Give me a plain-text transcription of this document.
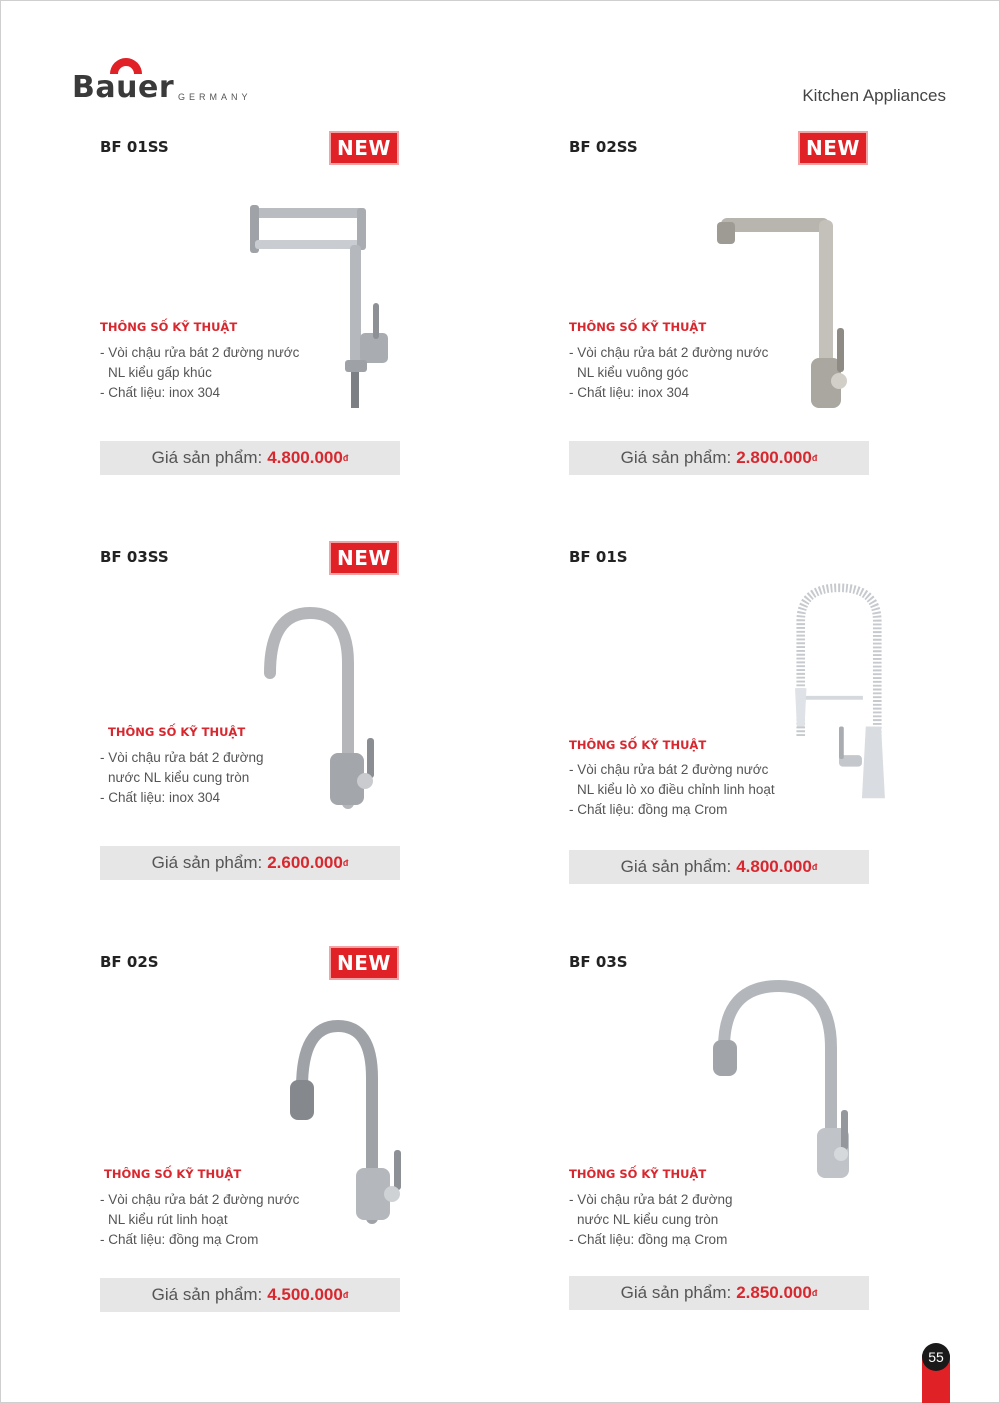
Bauer GERMANY	Kitchen Appliances
BF 01SS	NEW
THÔNG SỐ KỸ THUẬT
- Vòi chậu rửa bát 2 đường nước
NL kiểu gấp khúc
- Chất liệu: inox 304
Giá sản phẩm: 4.800.000 đ
BF 02SS	NEW
THÔNG SỐ KỸ THUẬT
- Vòi chậu rửa bát 2 đường nước
NL kiểu vuông góc
- Chất liệu: inox 304
Giá sản phẩm: 2.800.000 đ
BF 03SS	NEW
THÔNG SỐ KỸ THUẬT
- Vòi chậu rửa bát 2 đường
nước NL kiểu cung tròn
- Chất liệu: inox 304
Giá sản phẩm: 2.600.000 đ
BF 01S
THÔNG SỐ KỸ THUẬT
- Vòi chậu rửa bát 2 đường nước
NL kiểu lò xo điều chỉnh linh hoạt
- Chất liệu: đồng mạ Crom
Giá sản phẩm: 4.800.000 đ
BF 02S	NEW
THÔNG SỐ KỸ THUẬT
- Vòi chậu rửa bát 2 đường nước
NL kiểu rút linh hoạt
- Chất liệu: đồng mạ Crom
Giá sản phẩm: 4.500.000 đ
BF 03S
THÔNG SỐ KỸ THUẬT
- Vòi chậu rửa bát 2 đường
nước NL kiểu cung tròn
- Chất liệu: đồng mạ Crom
Giá sản phẩm: 2.850.000 đ
55
